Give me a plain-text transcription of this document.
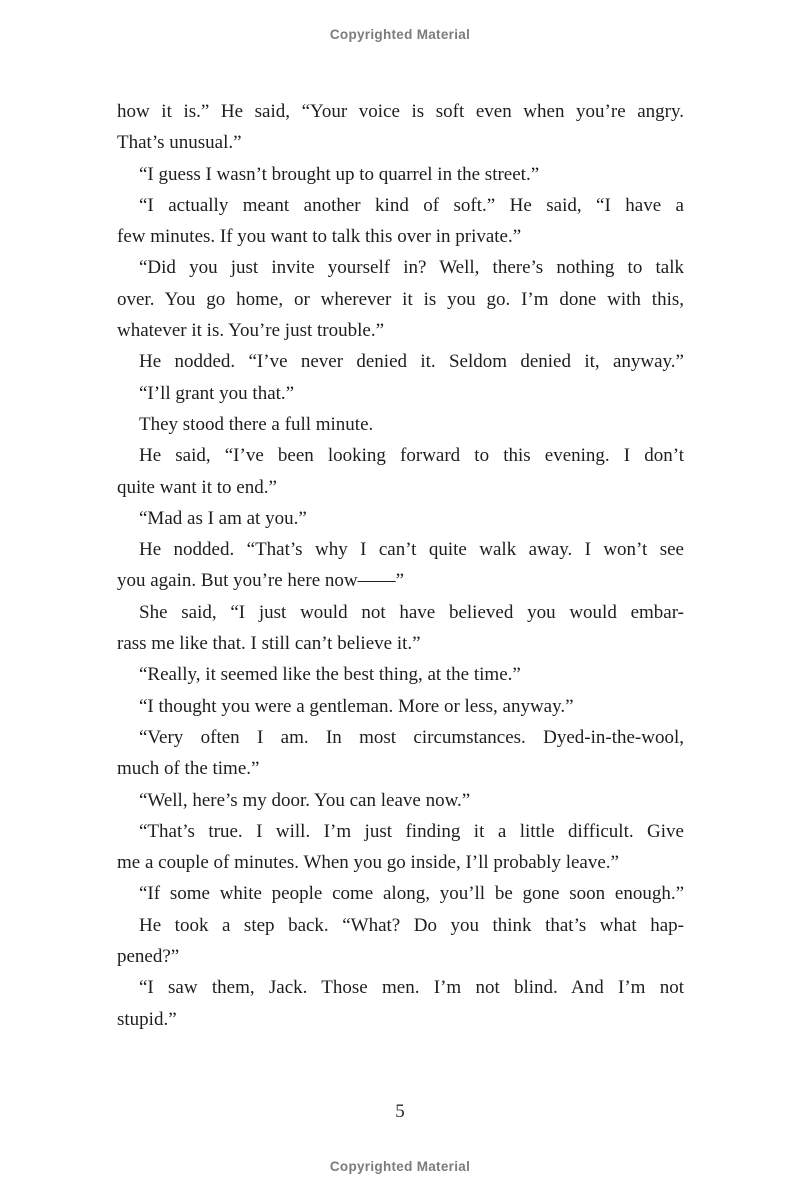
Copyrighted Material
how it is.” He said, “Your voice is soft even when you’re angry.
That’s unusual.”
“I guess I wasn’t brought up to quarrel in the street.”
“I actually meant another kind of soft.” He said, “I have a
few minutes. If you want to talk this over in private.”
“Did you just invite yourself in? Well, there’s nothing to talk
over. You go home, or wherever it is you go. I’m done with this,
whatever it is. You’re just trouble.”
He nodded. “I’ve never denied it. Seldom denied it, anyway.”
“I’ll grant you that.”
They stood there a full minute.
He said, “I’ve been looking forward to this evening. I don’t
quite want it to end.”
“Mad as I am at you.”
He nodded. “That’s why I can’t quite walk away. I won’t see
you again. But you’re here now——”
She said, “I just would not have believed you would embar-
rass me like that. I still can’t believe it.”
“Really, it seemed like the best thing, at the time.”
“I thought you were a gentleman. More or less, anyway.”
“Very often I am. In most circumstances. Dyed-in-the-wool,
much of the time.”
“Well, here’s my door. You can leave now.”
“That’s true. I will. I’m just finding it a little difficult. Give
me a couple of minutes. When you go inside, I’ll probably leave.”
“If some white people come along, you’ll be gone soon enough.”
He took a step back. “What? Do you think that’s what hap-
pened?”
“I saw them, Jack. Those men. I’m not blind. And I’m not
stupid.”
5
Copyrighted Material
